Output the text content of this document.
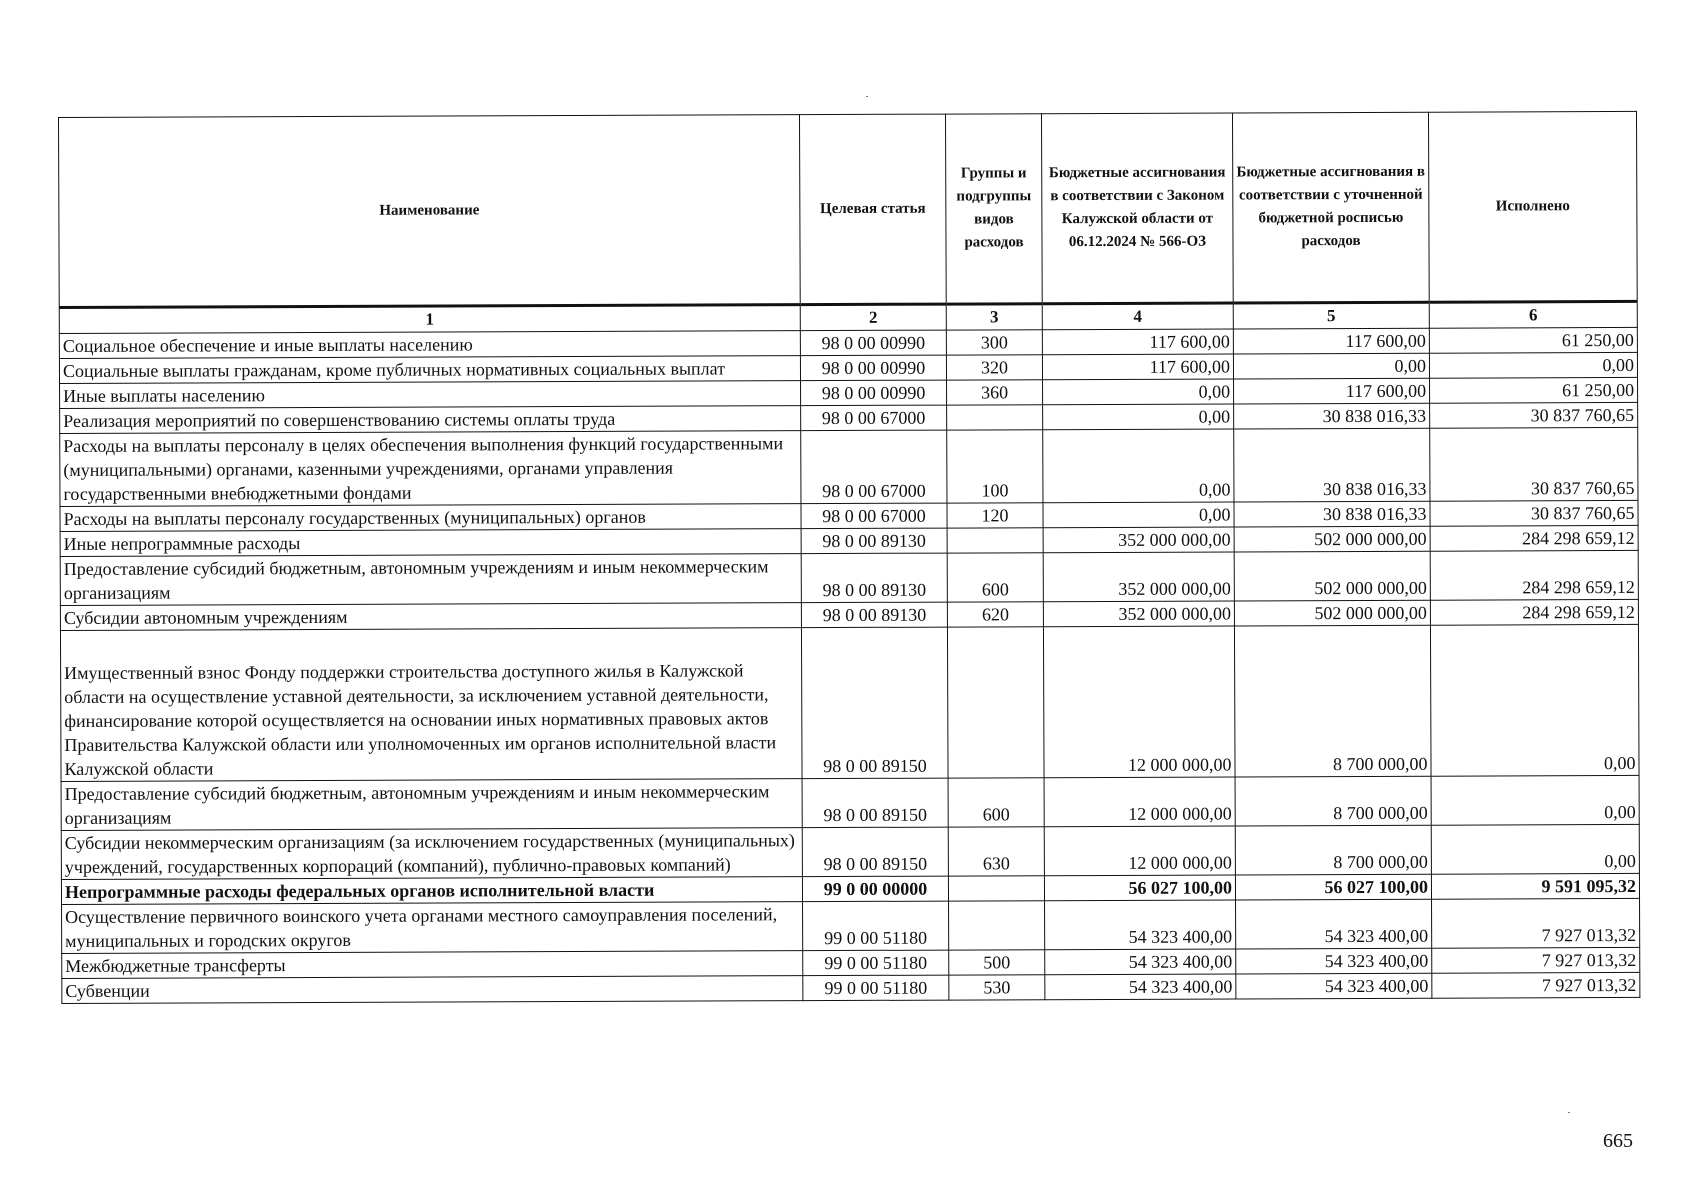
Наименование	Целевая статья	Группы и подгруппы видов расходов	Бюджетные ассигнования в соответствии с Законом Калужской области от 06.12.2024 № 566-ОЗ	Бюджетные ассигнования в соответствии с уточненной бюджетной росписью расходов	Исполнено
1	2	3	4	5	6
Социальное обеспечение и иные выплаты населению	98 0 00 00990	300	117 600,00	117 600,00	61 250,00
Социальные выплаты гражданам, кроме публичных нормативных социальных выплат	98 0 00 00990	320	117 600,00	0,00	0,00
Иные выплаты населению	98 0 00 00990	360	0,00	117 600,00	61 250,00
Реализация мероприятий по совершенствованию системы оплаты труда	98 0 00 67000		0,00	30 838 016,33	30 837 760,65
Расходы на выплаты персоналу в целях обеспечения выполнения функций государственными (муниципальными) органами, казенными учреждениями, органами управления государственными внебюджетными фондами	98 0 00 67000	100	0,00	30 838 016,33	30 837 760,65
Расходы на выплаты персоналу государственных (муниципальных) органов	98 0 00 67000	120	0,00	30 838 016,33	30 837 760,65
Иные непрограммные расходы	98 0 00 89130		352 000 000,00	502 000 000,00	284 298 659,12
Предоставление субсидий бюджетным, автономным учреждениям и иным некоммерческим организациям	98 0 00 89130	600	352 000 000,00	502 000 000,00	284 298 659,12
Субсидии автономным учреждениям	98 0 00 89130	620	352 000 000,00	502 000 000,00	284 298 659,12
Имущественный взнос Фонду поддержки строительства доступного жилья в Калужской области на осуществление уставной деятельности, за исключением уставной деятельности, финансирование которой осуществляется на основании иных нормативных правовых актов Правительства Калужской области или уполномоченных им органов исполнительной власти Калужской области	98 0 00 89150		12 000 000,00	8 700 000,00	0,00
Предоставление субсидий бюджетным, автономным учреждениям и иным некоммерческим организациям	98 0 00 89150	600	12 000 000,00	8 700 000,00	0,00
Субсидии некоммерческим организациям (за исключением государственных (муниципальных) учреждений, государственных корпораций (компаний), публично-правовых компаний)	98 0 00 89150	630	12 000 000,00	8 700 000,00	0,00
Непрограммные расходы федеральных органов исполнительной власти	99 0 00 00000		56 027 100,00	56 027 100,00	9 591 095,32
Осуществление первичного воинского учета органами местного самоуправления поселений, муниципальных и городских округов	99 0 00 51180		54 323 400,00	54 323 400,00	7 927 013,32
Межбюджетные трансферты	99 0 00 51180	500	54 323 400,00	54 323 400,00	7 927 013,32
Субвенции	99 0 00 51180	530	54 323 400,00	54 323 400,00	7 927 013,32
665
